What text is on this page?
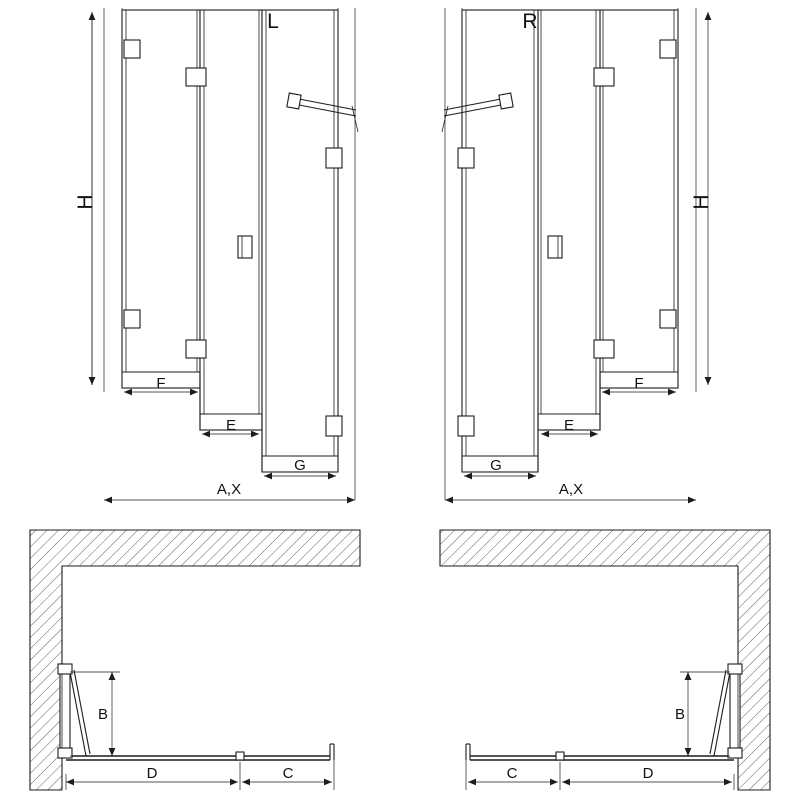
H
F
E
G
A,X
L
H
F
E
G
A,X
R
B
D	C
B
D
C
